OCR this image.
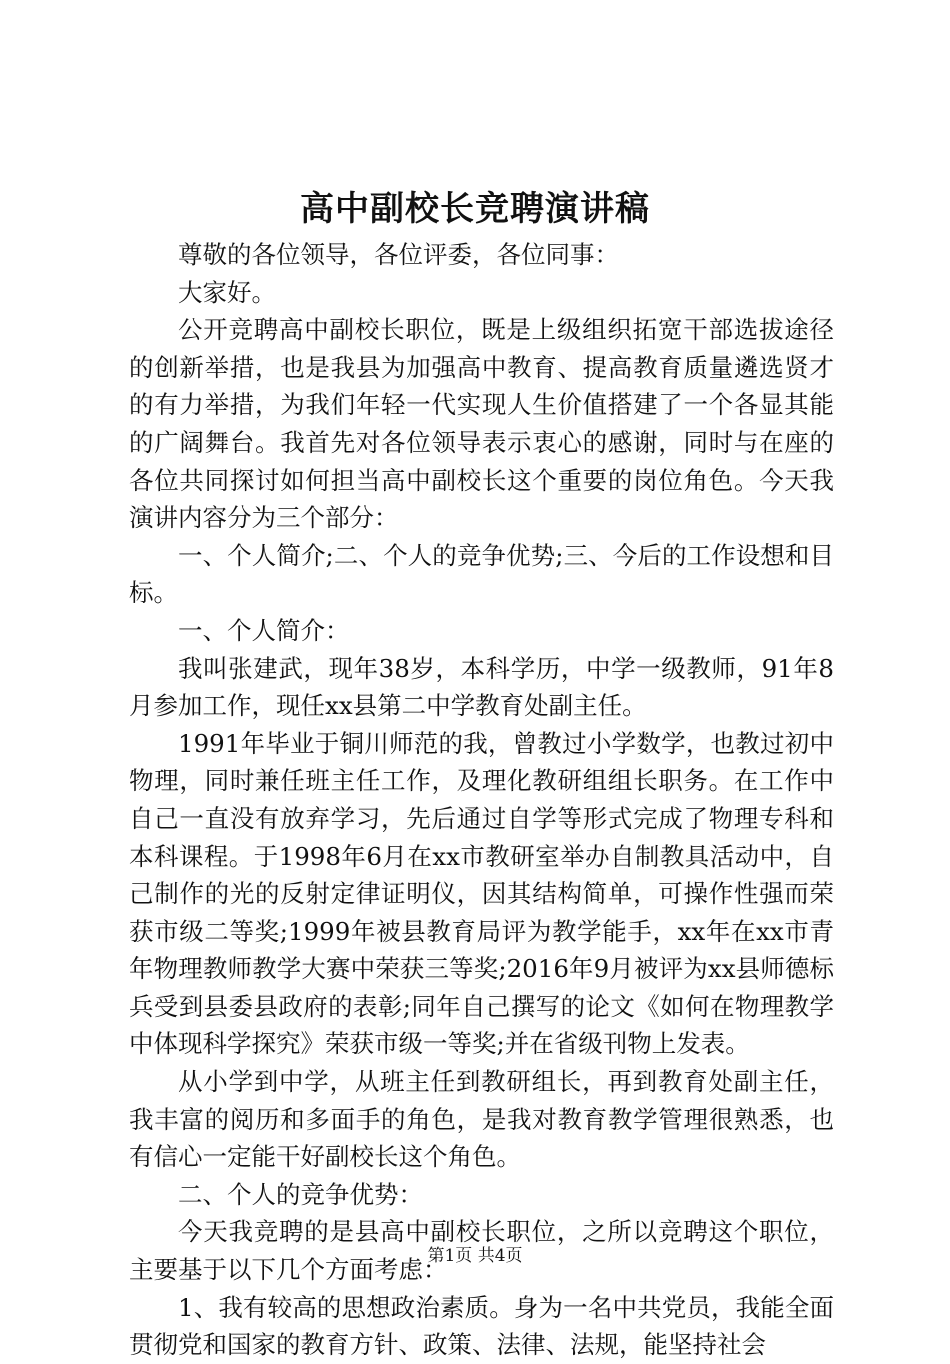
高中副校长竞聘演讲稿

尊敬的各位领导，各位评委，各位同事：

大家好。

公开竞聘高中副校长职位，既是上级组织拓宽干部选拔途径的创新举措，也是我县为加强高中教育、提高教育质量遴选贤才的有力举措，为我们年轻一代实现人生价值搭建了一个各显其能的广阔舞台。我首先对各位领导表示衷心的感谢，同时与在座的各位共同探讨如何担当高中副校长这个重要的岗位角色。今天我演讲内容分为三个部分：

一、个人简介;二、个人的竞争优势;三、今后的工作设想和目标。

一、个人简介：

我叫张建武，现年38岁，本科学历，中学一级教师，91年8月参加工作，现任xx县第二中学教育处副主任。

1991年毕业于铜川师范的我，曾教过小学数学，也教过初中物理，同时兼任班主任工作，及理化教研组组长职务。在工作中自己一直没有放弃学习，先后通过自学等形式完成了物理专科和本科课程。于1998年6月在xx市教研室举办自制教具活动中，自己制作的光的反射定律证明仪，因其结构简单，可操作性强而荣获市级二等奖;1999年被县教育局评为教学能手，xx年在xx市青年物理教师教学大赛中荣获三等奖;2016年9月被评为xx县师德标兵受到县委县政府的表彰;同年自己撰写的论文《如何在物理教学中体现科学探究》荣获市级一等奖;并在省级刊物上发表。

从小学到中学，从班主任到教研组长，再到教育处副主任，我丰富的阅历和多面手的角色，是我对教育教学管理很熟悉，也有信心一定能干好副校长这个角色。

二、个人的竞争优势：

今天我竞聘的是县高中副校长职位，之所以竞聘这个职位，主要基于以下几个方面考虑：

1、我有较高的思想政治素质。身为一名中共党员，我能全面贯彻党和国家的教育方针、政策、法律、法规，能坚持社会

第1页 共4页
